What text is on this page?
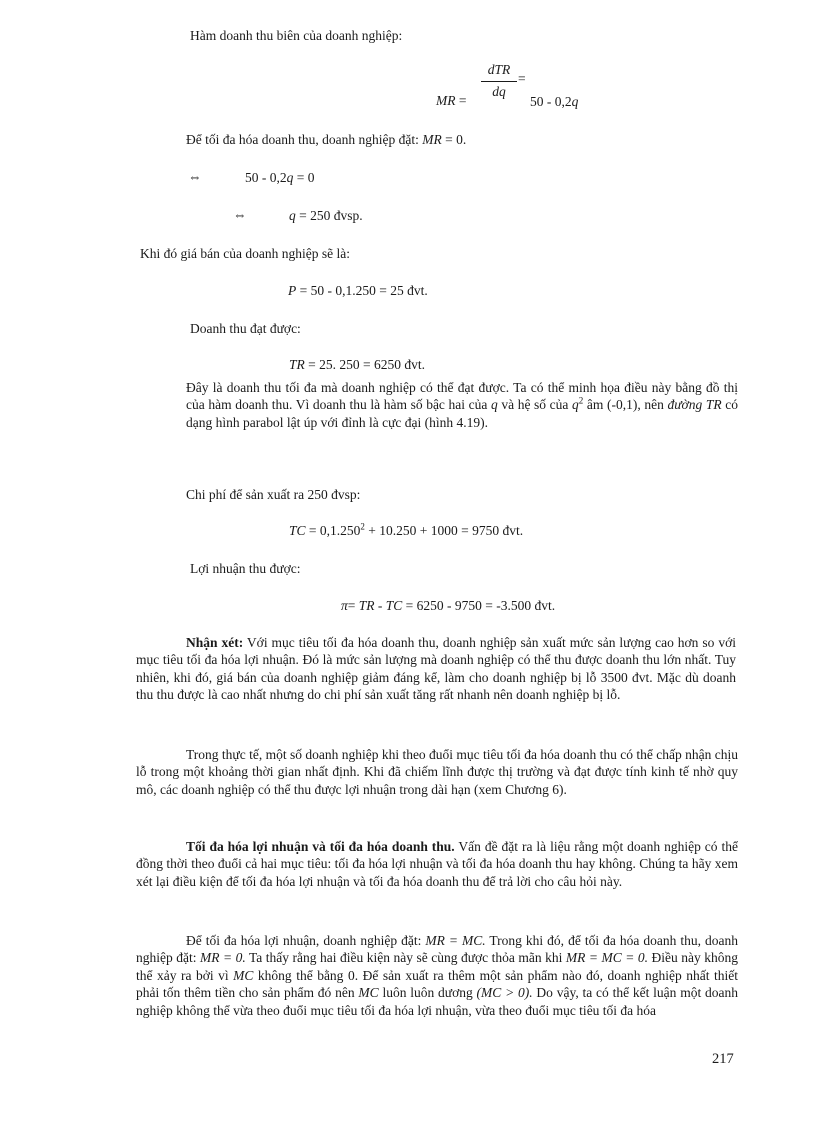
Hàm doanh thu biên của doanh nghiệp:
MR =
dTR
dq
=
50 - 0,2q
Để tối đa hóa doanh thu, doanh nghiệp đặt: MR = 0.
⇔	50 - 0,2q = 0
⇔	q = 250 đvsp.
Khi đó giá bán của doanh nghiệp sẽ là:
P = 50 - 0,1.250 = 25 đvt.
Doanh thu đạt được:
TR = 25. 250 = 6250 đvt.
Đây là doanh thu tối đa mà doanh nghiệp có thể đạt được. Ta có thể minh họa điều này bằng đồ thị của hàm doanh thu. Vì doanh thu là hàm số bậc hai của q và hệ số của $q^2$ âm (-0,1), nên đường TR có dạng hình parabol lật úp với đỉnh là cực đại (hình 4.19).
Chi phí để sản xuất ra 250 đvsp:
TC = $0,1.250^2 + 10.250 + 1000 = 9750$ đvt.
Lợi nhuận thu được:
π= TR - TC = 6250 - 9750 = -3.500 đvt.
Nhận xét: Với mục tiêu tối đa hóa doanh thu, doanh nghiệp sản xuất mức sản lượng cao hơn so với mục tiêu tối đa hóa lợi nhuận. Đó là mức sản lượng mà doanh nghiệp có thể thu được doanh thu lớn nhất. Tuy nhiên, khi đó, giá bán của doanh nghiệp giảm đáng kể, làm cho doanh nghiệp bị lỗ 3500 đvt. Mặc dù doanh thu thu được là cao nhất nhưng do chi phí sản xuất tăng rất nhanh nên doanh nghiệp bị lỗ.
Trong thực tế, một số doanh nghiệp khi theo đuổi mục tiêu tối đa hóa doanh thu có thể chấp nhận chịu lỗ trong một khoảng thời gian nhất định. Khi đã chiếm lĩnh được thị trường và đạt được tính kinh tế nhờ quy mô, các doanh nghiệp có thể thu được lợi nhuận trong dài hạn (xem Chương 6).
Tối đa hóa lợi nhuận và tối đa hóa doanh thu. Vấn đề đặt ra là liệu rằng một doanh nghiệp có thể đồng thời theo đuổi cả hai mục tiêu: tối đa hóa lợi nhuận và tối đa hóa doanh thu hay không. Chúng ta hãy xem xét lại điều kiện để tối đa hóa lợi nhuận và tối đa hóa doanh thu để trả lời cho câu hỏi này.
Để tối đa hóa lợi nhuận, doanh nghiệp đặt: MR = MC. Trong khi đó, để tối đa hóa doanh thu, doanh nghiệp đặt: MR = 0. Ta thấy rằng hai điều kiện này sẽ cùng được thỏa mãn khi MR = MC = 0. Điều này không thể xảy ra bởi vì MC không thể bằng 0. Để sản xuất ra thêm một sản phẩm nào đó, doanh nghiệp nhất thiết phải tốn thêm tiền cho sản phẩm đó nên MC luôn luôn dương (MC > 0). Do vậy, ta có thể kết luận một doanh nghiệp không thể vừa theo đuổi mục tiêu tối đa hóa lợi nhuận, vừa theo đuổi mục tiêu tối đa hóa
217
